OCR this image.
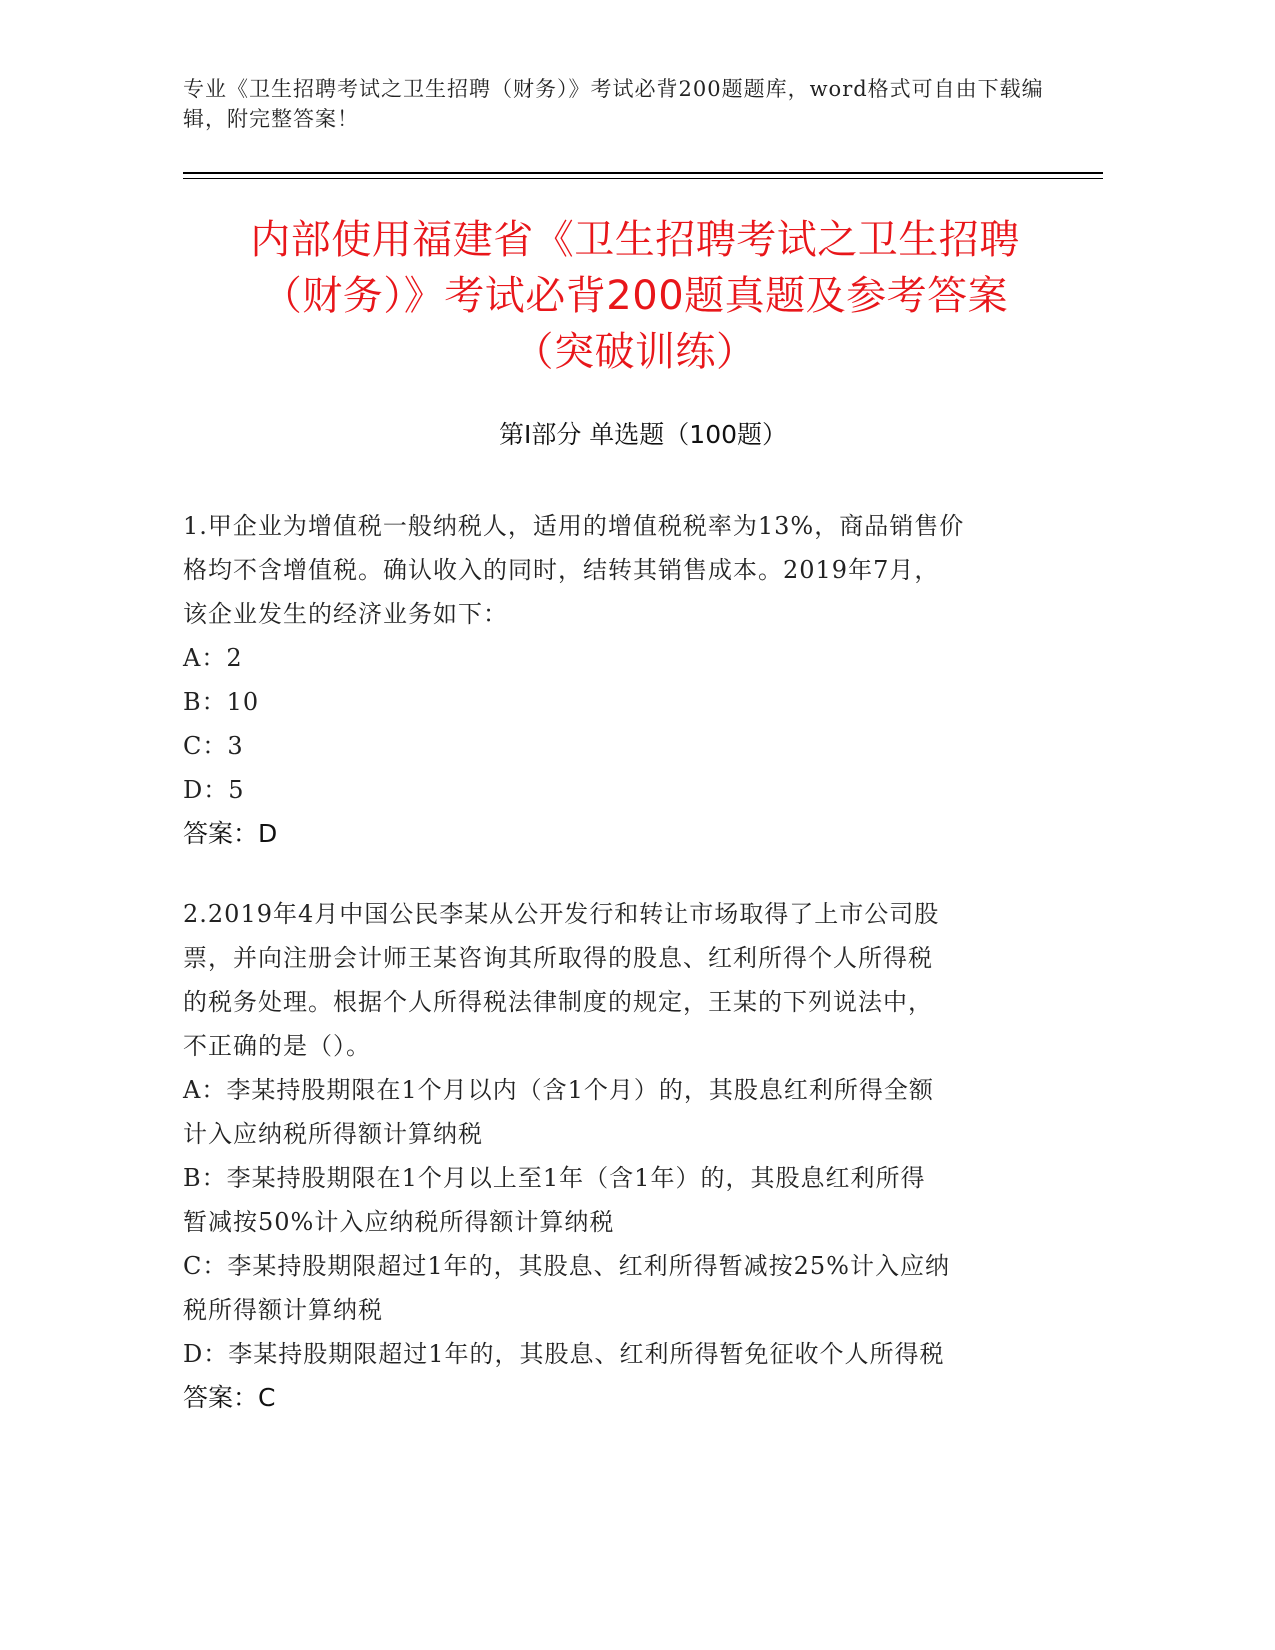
专业《卫生招聘考试之卫生招聘（财务）》考试必背200题题库，word格式可自由下载编辑，附完整答案！
内部使用福建省《卫生招聘考试之卫生招聘
（财务）》考试必背200题真题及参考答案
（突破训练）
第Ⅰ部分 单选题（100题）
1.甲企业为增值税一般纳税人，适用的增值税税率为13%，商品销售价
格均不含增值税。确认收入的同时，结转其销售成本。2019年7月，
该企业发生的经济业务如下：
A：2
B：10
C：3
D：5
答案：D
2.2019年4月中国公民李某从公开发行和转让市场取得了上市公司股
票，并向注册会计师王某咨询其所取得的股息、红利所得个人所得税
的税务处理。根据个人所得税法律制度的规定，王某的下列说法中，
不正确的是（）。
A：李某持股期限在1个月以内（含1个月）的，其股息红利所得全额
计入应纳税所得额计算纳税
B：李某持股期限在1个月以上至1年（含1年）的，其股息红利所得
暂减按50%计入应纳税所得额计算纳税
C：李某持股期限超过1年的，其股息、红利所得暂减按25%计入应纳
税所得额计算纳税
D：李某持股期限超过1年的，其股息、红利所得暂免征收个人所得税
答案：C
